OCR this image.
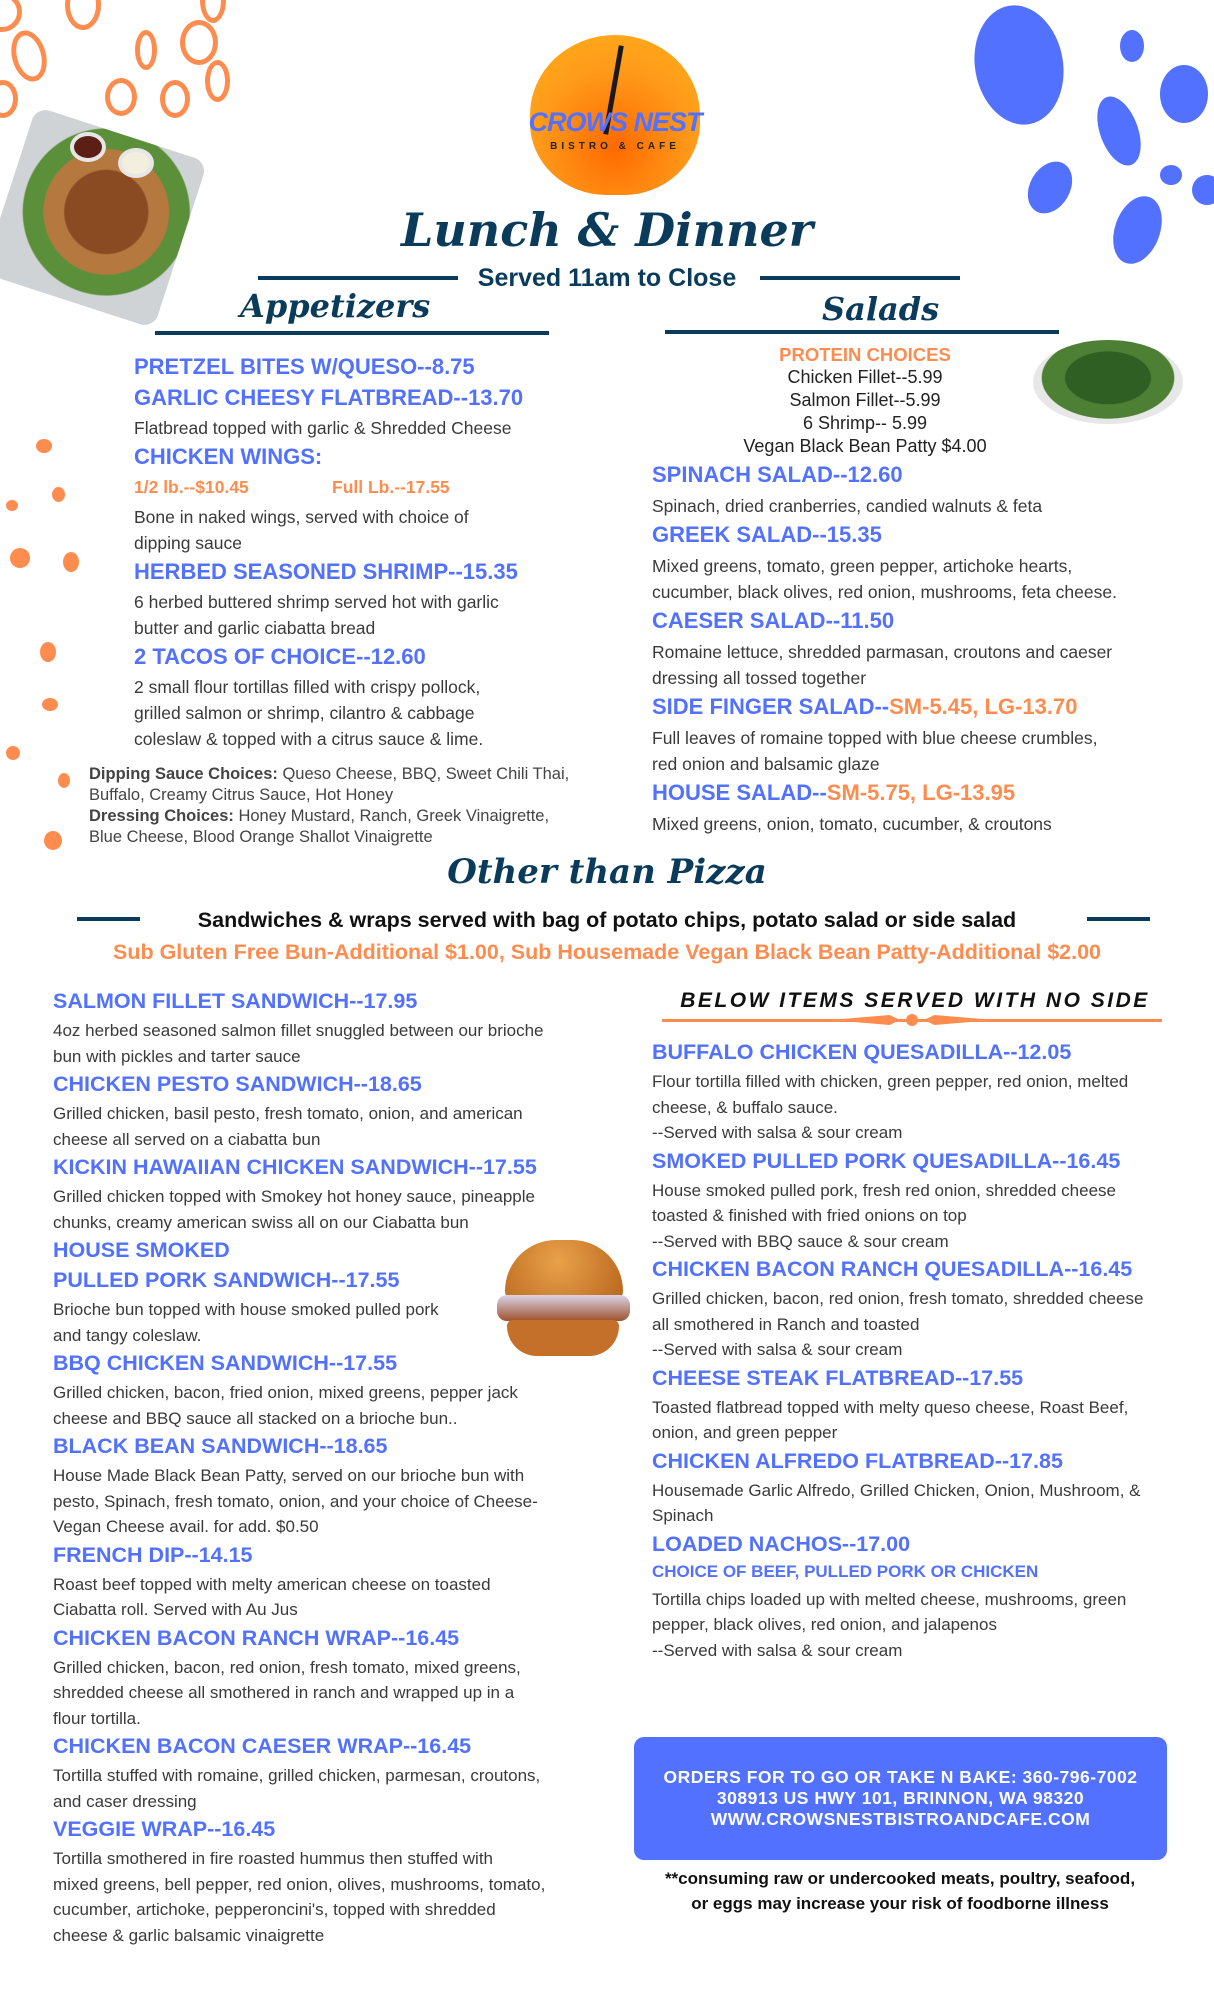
CROWS NEST
BISTRO & CAFE
Lunch & Dinner
Served 11am to Close
Appetizers
PRETZEL BITES W/QUESO--8.75
GARLIC CHEESY FLATBREAD--13.70
Flatbread topped with garlic & Shredded Cheese
CHICKEN WINGS:
1/2 lb.--$10.45	Full Lb.--17.55
Bone in naked wings, served with choice of
dipping sauce
HERBED SEASONED SHRIMP--15.35
6 herbed buttered shrimp served hot with garlic
butter and garlic ciabatta bread
2 TACOS OF CHOICE--12.60
2 small flour tortillas filled with crispy pollock,
grilled salmon or shrimp, cilantro & cabbage
coleslaw & topped with a citrus sauce & lime.
Dipping Sauce Choices: Queso Cheese, BBQ, Sweet Chili Thai,
Buffalo, Creamy Citrus Sauce, Hot Honey
Dressing Choices: Honey Mustard, Ranch, Greek Vinaigrette,
Blue Cheese, Blood Orange Shallot Vinaigrette
Salads
PROTEIN CHOICES
Chicken Fillet--5.99
Salmon Fillet--5.99
6 Shrimp-- 5.99
Vegan Black Bean Patty $4.00
SPINACH SALAD--12.60
Spinach, dried cranberries, candied walnuts & feta
GREEK SALAD--15.35
Mixed greens, tomato, green pepper, artichoke hearts,
cucumber, black olives, red onion, mushrooms, feta cheese.
CAESER SALAD--11.50
Romaine lettuce, shredded parmasan, croutons and caeser
dressing all tossed together
SIDE FINGER SALAD--SM-5.45, LG-13.70
Full leaves of romaine topped with blue cheese crumbles,
red onion and balsamic glaze
HOUSE SALAD--SM-5.75, LG-13.95
Mixed greens, onion, tomato, cucumber, & croutons
Other than Pizza
Sandwiches & wraps served with bag of potato chips, potato salad or side salad
Sub Gluten Free Bun-Additional $1.00, Sub Housemade Vegan Black Bean Patty-Additional $2.00
SALMON FILLET SANDWICH--17.95
4oz herbed seasoned salmon fillet snuggled between our brioche
bun with pickles and tarter sauce
CHICKEN PESTO SANDWICH--18.65
Grilled chicken, basil pesto, fresh tomato, onion, and american
cheese all served on a ciabatta bun
KICKIN HAWAIIAN CHICKEN SANDWICH--17.55
Grilled chicken topped with Smokey hot honey sauce, pineapple
chunks, creamy american swiss all on our Ciabatta bun
HOUSE SMOKED
PULLED PORK SANDWICH--17.55
Brioche bun topped with house smoked pulled pork
and tangy coleslaw.
BBQ CHICKEN SANDWICH--17.55
Grilled chicken, bacon, fried onion, mixed greens, pepper jack
cheese and BBQ sauce all stacked on a brioche bun..
BLACK BEAN SANDWICH--18.65
House Made Black Bean Patty, served on our brioche bun with
pesto, Spinach, fresh tomato, onion, and your choice of Cheese-
Vegan Cheese avail. for add. $0.50
FRENCH DIP--14.15
Roast beef topped with melty american cheese on toasted
Ciabatta roll. Served with Au Jus
CHICKEN BACON RANCH WRAP--16.45
Grilled chicken, bacon, red onion, fresh tomato, mixed greens,
shredded cheese all smothered in ranch and wrapped up in a
flour tortilla.
CHICKEN BACON CAESER WRAP--16.45
Tortilla stuffed with romaine, grilled chicken, parmesan, croutons,
and caser dressing
VEGGIE WRAP--16.45
Tortilla smothered in fire roasted hummus then stuffed with
mixed greens, bell pepper, red onion, olives, mushrooms, tomato,
cucumber, artichoke, pepperoncini's, topped with shredded
cheese & garlic balsamic vinaigrette
BELOW ITEMS SERVED WITH NO SIDE
BUFFALO CHICKEN QUESADILLA--12.05
Flour tortilla filled with chicken, green pepper, red onion, melted
cheese, & buffalo sauce.
--Served with salsa & sour cream
SMOKED PULLED PORK QUESADILLA--16.45
House smoked pulled pork, fresh red onion, shredded cheese
toasted & finished with fried onions on top
--Served with BBQ sauce & sour cream
CHICKEN BACON RANCH QUESADILLA--16.45
Grilled chicken, bacon, red onion, fresh tomato, shredded cheese
all smothered in Ranch and toasted
--Served with salsa & sour cream
CHEESE STEAK FLATBREAD--17.55
Toasted flatbread topped with melty queso cheese, Roast Beef,
onion, and green pepper
CHICKEN ALFREDO FLATBREAD--17.85
Housemade Garlic Alfredo, Grilled Chicken, Onion, Mushroom, &
Spinach
LOADED NACHOS--17.00
CHOICE OF BEEF, PULLED PORK OR CHICKEN
Tortilla chips loaded up with melted cheese, mushrooms, green
pepper, black olives, red onion, and jalapenos
--Served with salsa & sour cream
ORDERS FOR TO GO OR TAKE N BAKE: 360-796-7002
308913 US HWY 101, BRINNON, WA 98320
WWW.CROWSNESTBISTROANDCAFE.COM
**consuming raw or undercooked meats, poultry, seafood,
or eggs may increase your risk of foodborne illness
